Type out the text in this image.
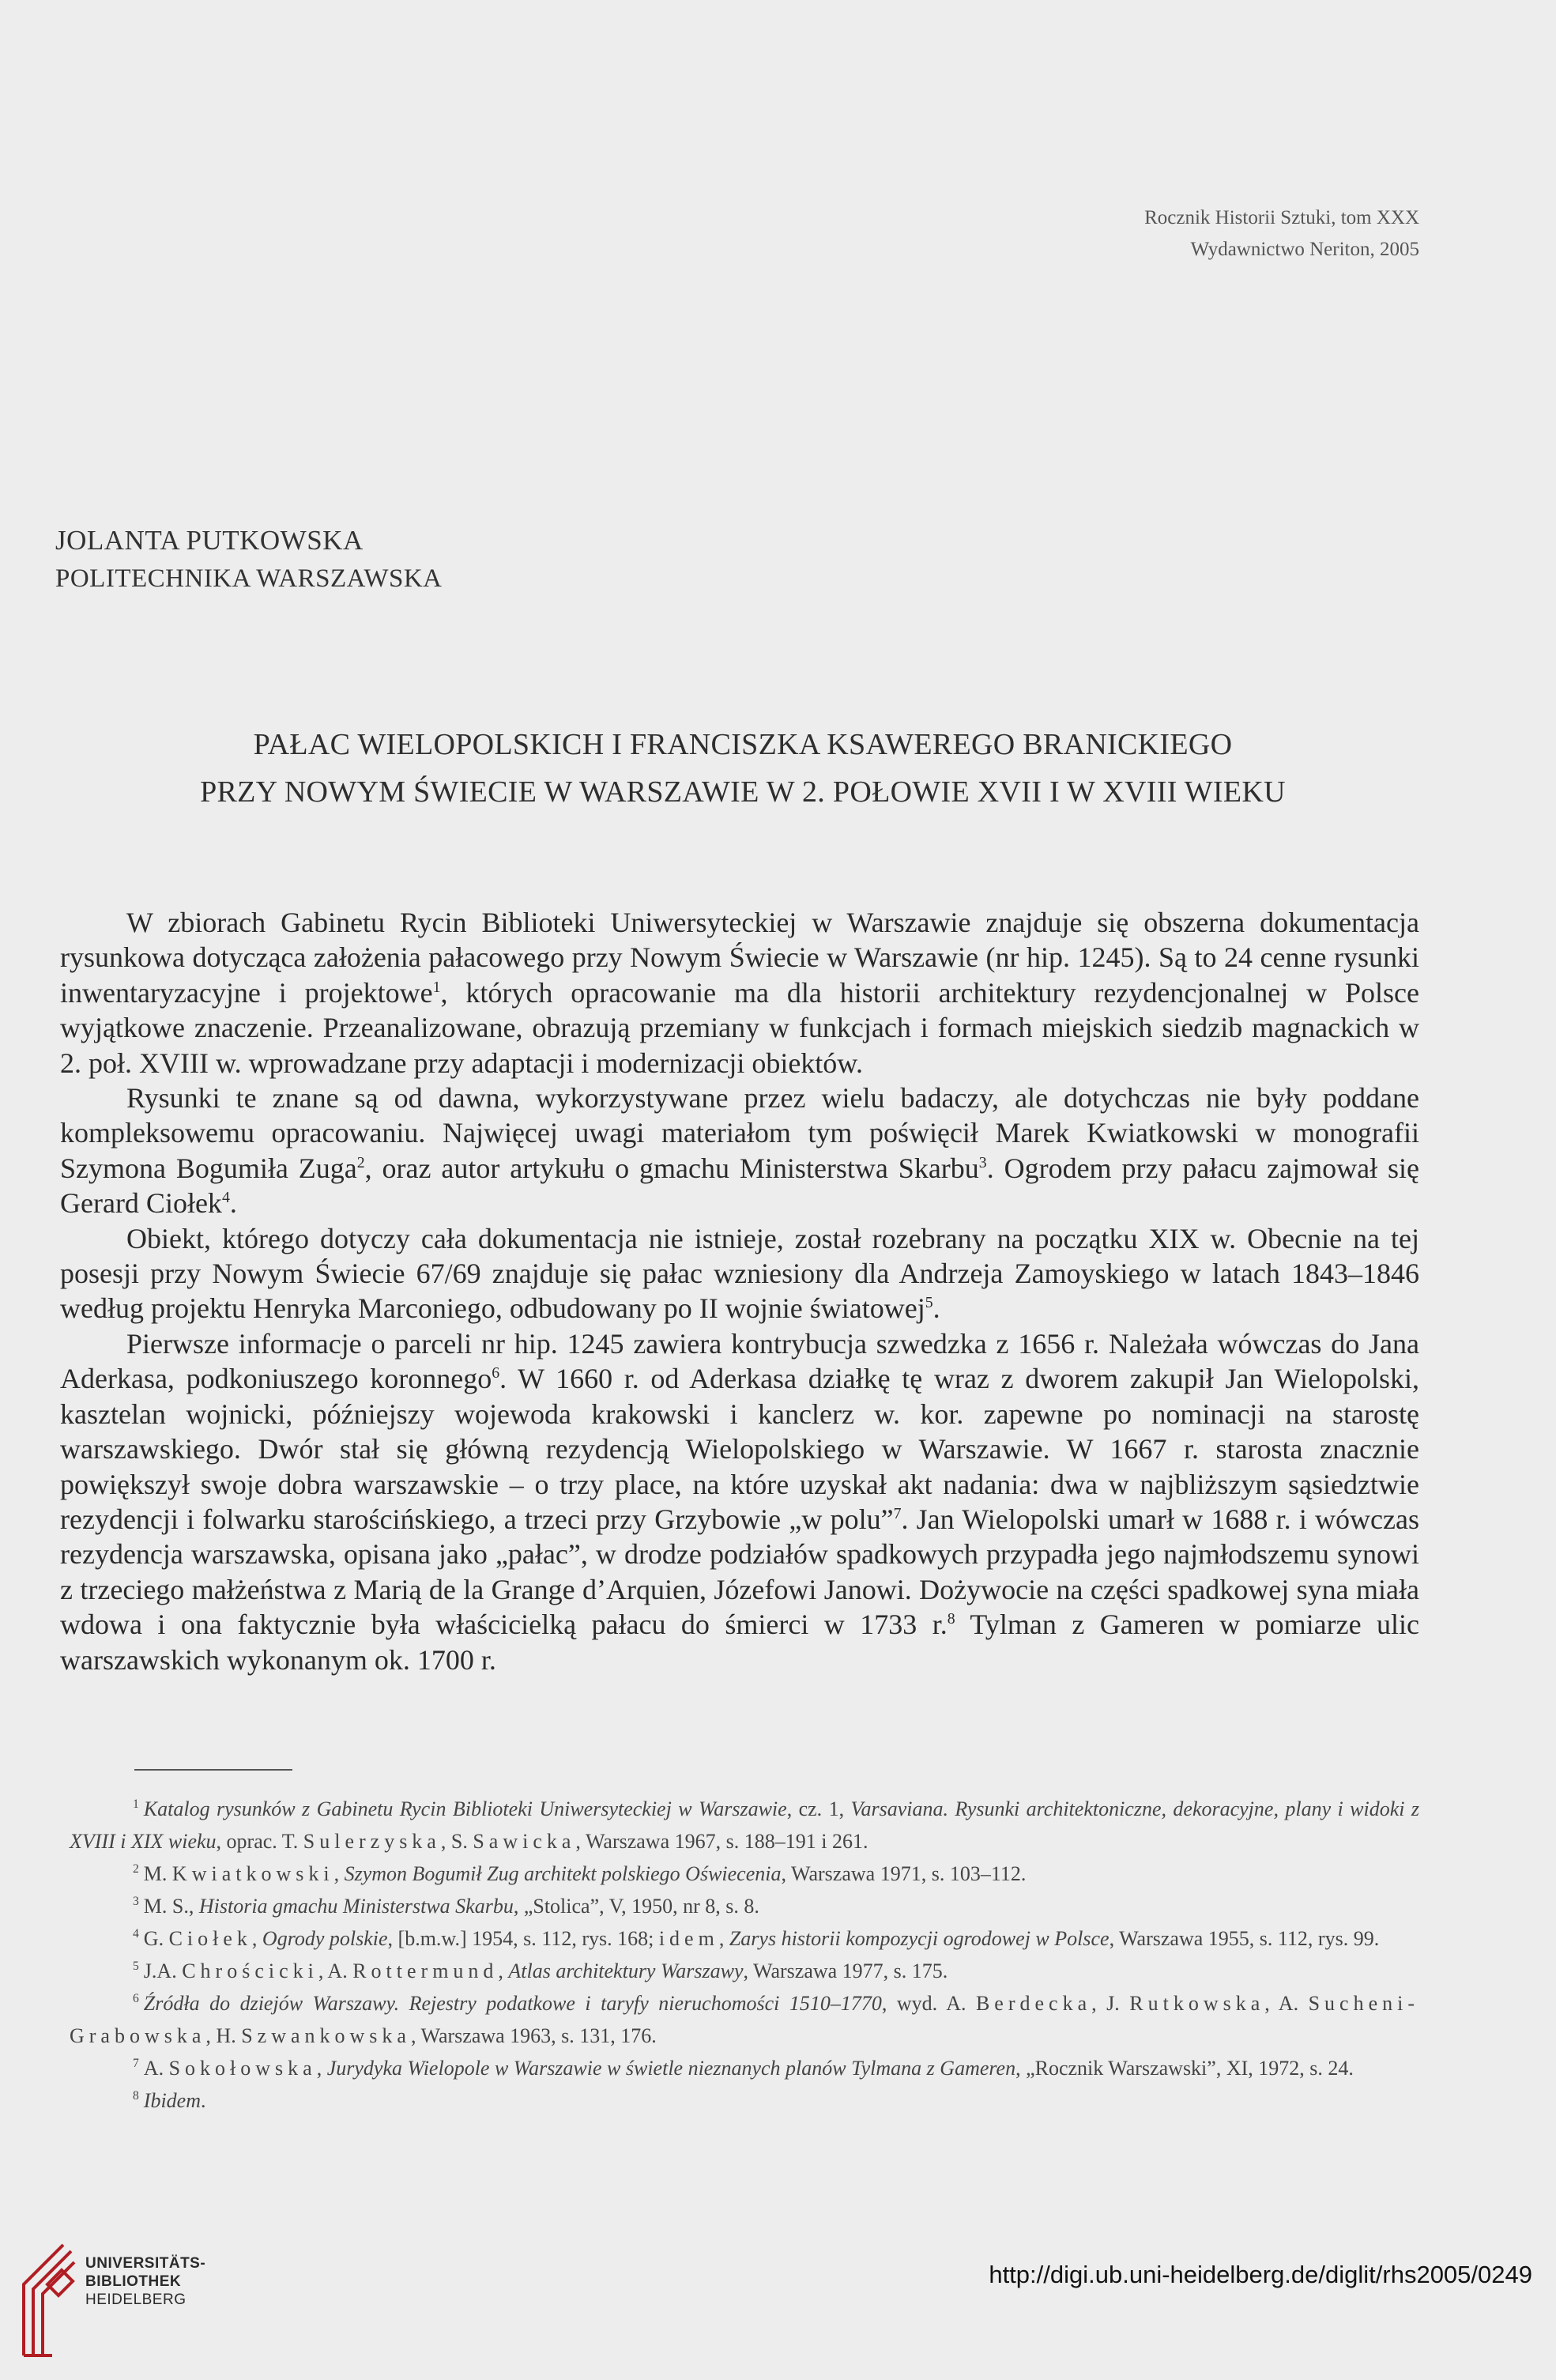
Rocznik Historii Sztuki, tom XXX
Wydawnictwo Neriton, 2005
JOLANTA PUTKOWSKA
POLITECHNIKA WARSZAWSKA
PAŁAC WIELOPOLSKICH I FRANCISZKA KSAWEREGO BRANICKIEGO
PRZY NOWYM ŚWIECIE W WARSZAWIE W 2. POŁOWIE XVII I W XVIII WIEKU

W zbiorach Gabinetu Rycin Biblioteki Uniwersyteckiej w Warszawie znajduje się obszerna dokumentacja rysunkowa dotycząca założenia pałacowego przy Nowym Świecie w Warszawie (nr hip. 1245). Są to 24 cenne rysunki inwentaryzacyjne i projektowe$^1$, których opracowanie ma dla historii architektury rezydencjonalnej w Polsce wyjątkowe znaczenie. Przeanalizowane, obrazują przemiany w funkcjach i formach miejskich siedzib magnackich w 2. poł. XVIII w. wprowadzane przy adaptacji i modernizacji obiektów.

Rysunki te znane są od dawna, wykorzystywane przez wielu badaczy, ale dotychczas nie były poddane kompleksowemu opracowaniu. Najwięcej uwagi materiałom tym poświęcił Marek Kwiatkowski w monografii Szymona Bogumiła Zuga$^2$, oraz autor artykułu o gmachu Ministerstwa Skarbu$^3$. Ogrodem przy pałacu zajmował się Gerard Ciołek$^4$.

Obiekt, którego dotyczy cała dokumentacja nie istnieje, został rozebrany na początku XIX w. Obecnie na tej posesji przy Nowym Świecie 67/69 znajduje się pałac wzniesiony dla Andrzeja Zamoyskiego w latach 1843–1846 według projektu Henryka Marconiego, odbudowany po II wojnie światowej$^5$.

Pierwsze informacje o parceli nr hip. 1245 zawiera kontrybucja szwedzka z 1656 r. Należała wówczas do Jana Aderkasa, podkoniuszego koronnego$^6$. W 1660 r. od Aderkasa działkę tę wraz z dworem zakupił Jan Wielopolski, kasztelan wojnicki, późniejszy wojewoda krakowski i kanclerz w. kor. zapewne po nominacji na starostę warszawskiego. Dwór stał się główną rezydencją Wielopolskiego w Warszawie. W 1667 r. starosta znacznie powiększył swoje dobra warszawskie – o trzy place, na które uzyskał akt nadania: dwa w najbliższym sąsiedztwie rezydencji i folwarku starościńskiego, a trzeci przy Grzybowie „w polu”$^7$. Jan Wielopolski umarł w 1688 r. i wówczas rezydencja warszawska, opisana jako „pałac”, w drodze podziałów spadkowych przypadła jego najmłodszemu synowi z trzeciego małżeństwa z Marią de la Grange d’Arquien, Józefowi Janowi. Dożywocie na części spadkowej syna miała wdowa i ona faktycznie była właścicielką pałacu do śmierci w 1733 r.$^8$ Tylman z Gameren w pomiarze ulic warszawskich wykonanym ok. 1700 r.

$^1$ Katalog rysunków z Gabinetu Rycin Biblioteki Uniwersyteckiej w Warszawie, cz. 1, Varsaviana. Rysunki architektoniczne, dekoracyjne, plany i widoki z XVIII i XIX wieku, oprac. T. Sulerzyska, S. Sawicka, Warszawa 1967, s. 188–191 i 261.

$^2$ M. Kwiatkowski, Szymon Bogumił Zug architekt polskiego Oświecenia, Warszawa 1971, s. 103–112.

$^3$ M. S., Historia gmachu Ministerstwa Skarbu, „Stolica”, V, 1950, nr 8, s. 8.

$^4$ G. Ciołek, Ogrody polskie, [b.m.w.] 1954, s. 112, rys. 168; idem, Zarys historii kompozycji ogrodowej w Polsce, Warszawa 1955, s. 112, rys. 99.

$^5$ J.A. Chrościcki, A. Rottermund, Atlas architektury Warszawy, Warszawa 1977, s. 175.

$^6$ Źródła do dziejów Warszawy. Rejestry podatkowe i taryfy nieruchomości 1510–1770, wyd. A. Berdecka, J. Rutkowska, A. Sucheni-Grabowska, H. Szwankowska, Warszawa 1963, s. 131, 176.

$^7$ A. Sokołowska, Jurydyka Wielopole w Warszawie w świetle nieznanych planów Tylmana z Gameren, „Rocznik Warszawski”, XI, 1972, s. 24.

$^8$ Ibidem.

UNIVERSITÄTS-
BIBLIOTHEK
HEIDELBERG
http://digi.ub.uni-heidelberg.de/diglit/rhs2005/0249
